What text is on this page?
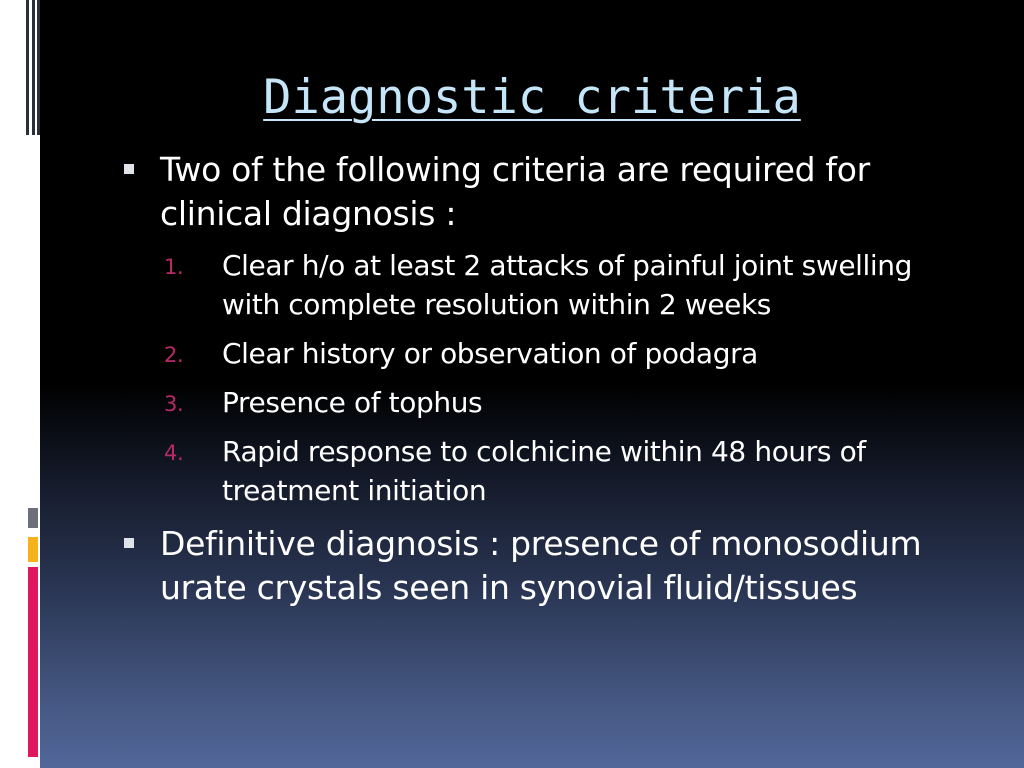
Diagnostic criteria
Two of the following criteria are required for clinical diagnosis :
1. Clear h/o at least 2 attacks of painful joint swelling with complete resolution within 2 weeks
2. Clear history or observation of podagra
3. Presence of tophus
4. Rapid response to colchicine within 48 hours of treatment initiation
Definitive diagnosis : presence of monosodium urate crystals seen in synovial fluid/tissues
